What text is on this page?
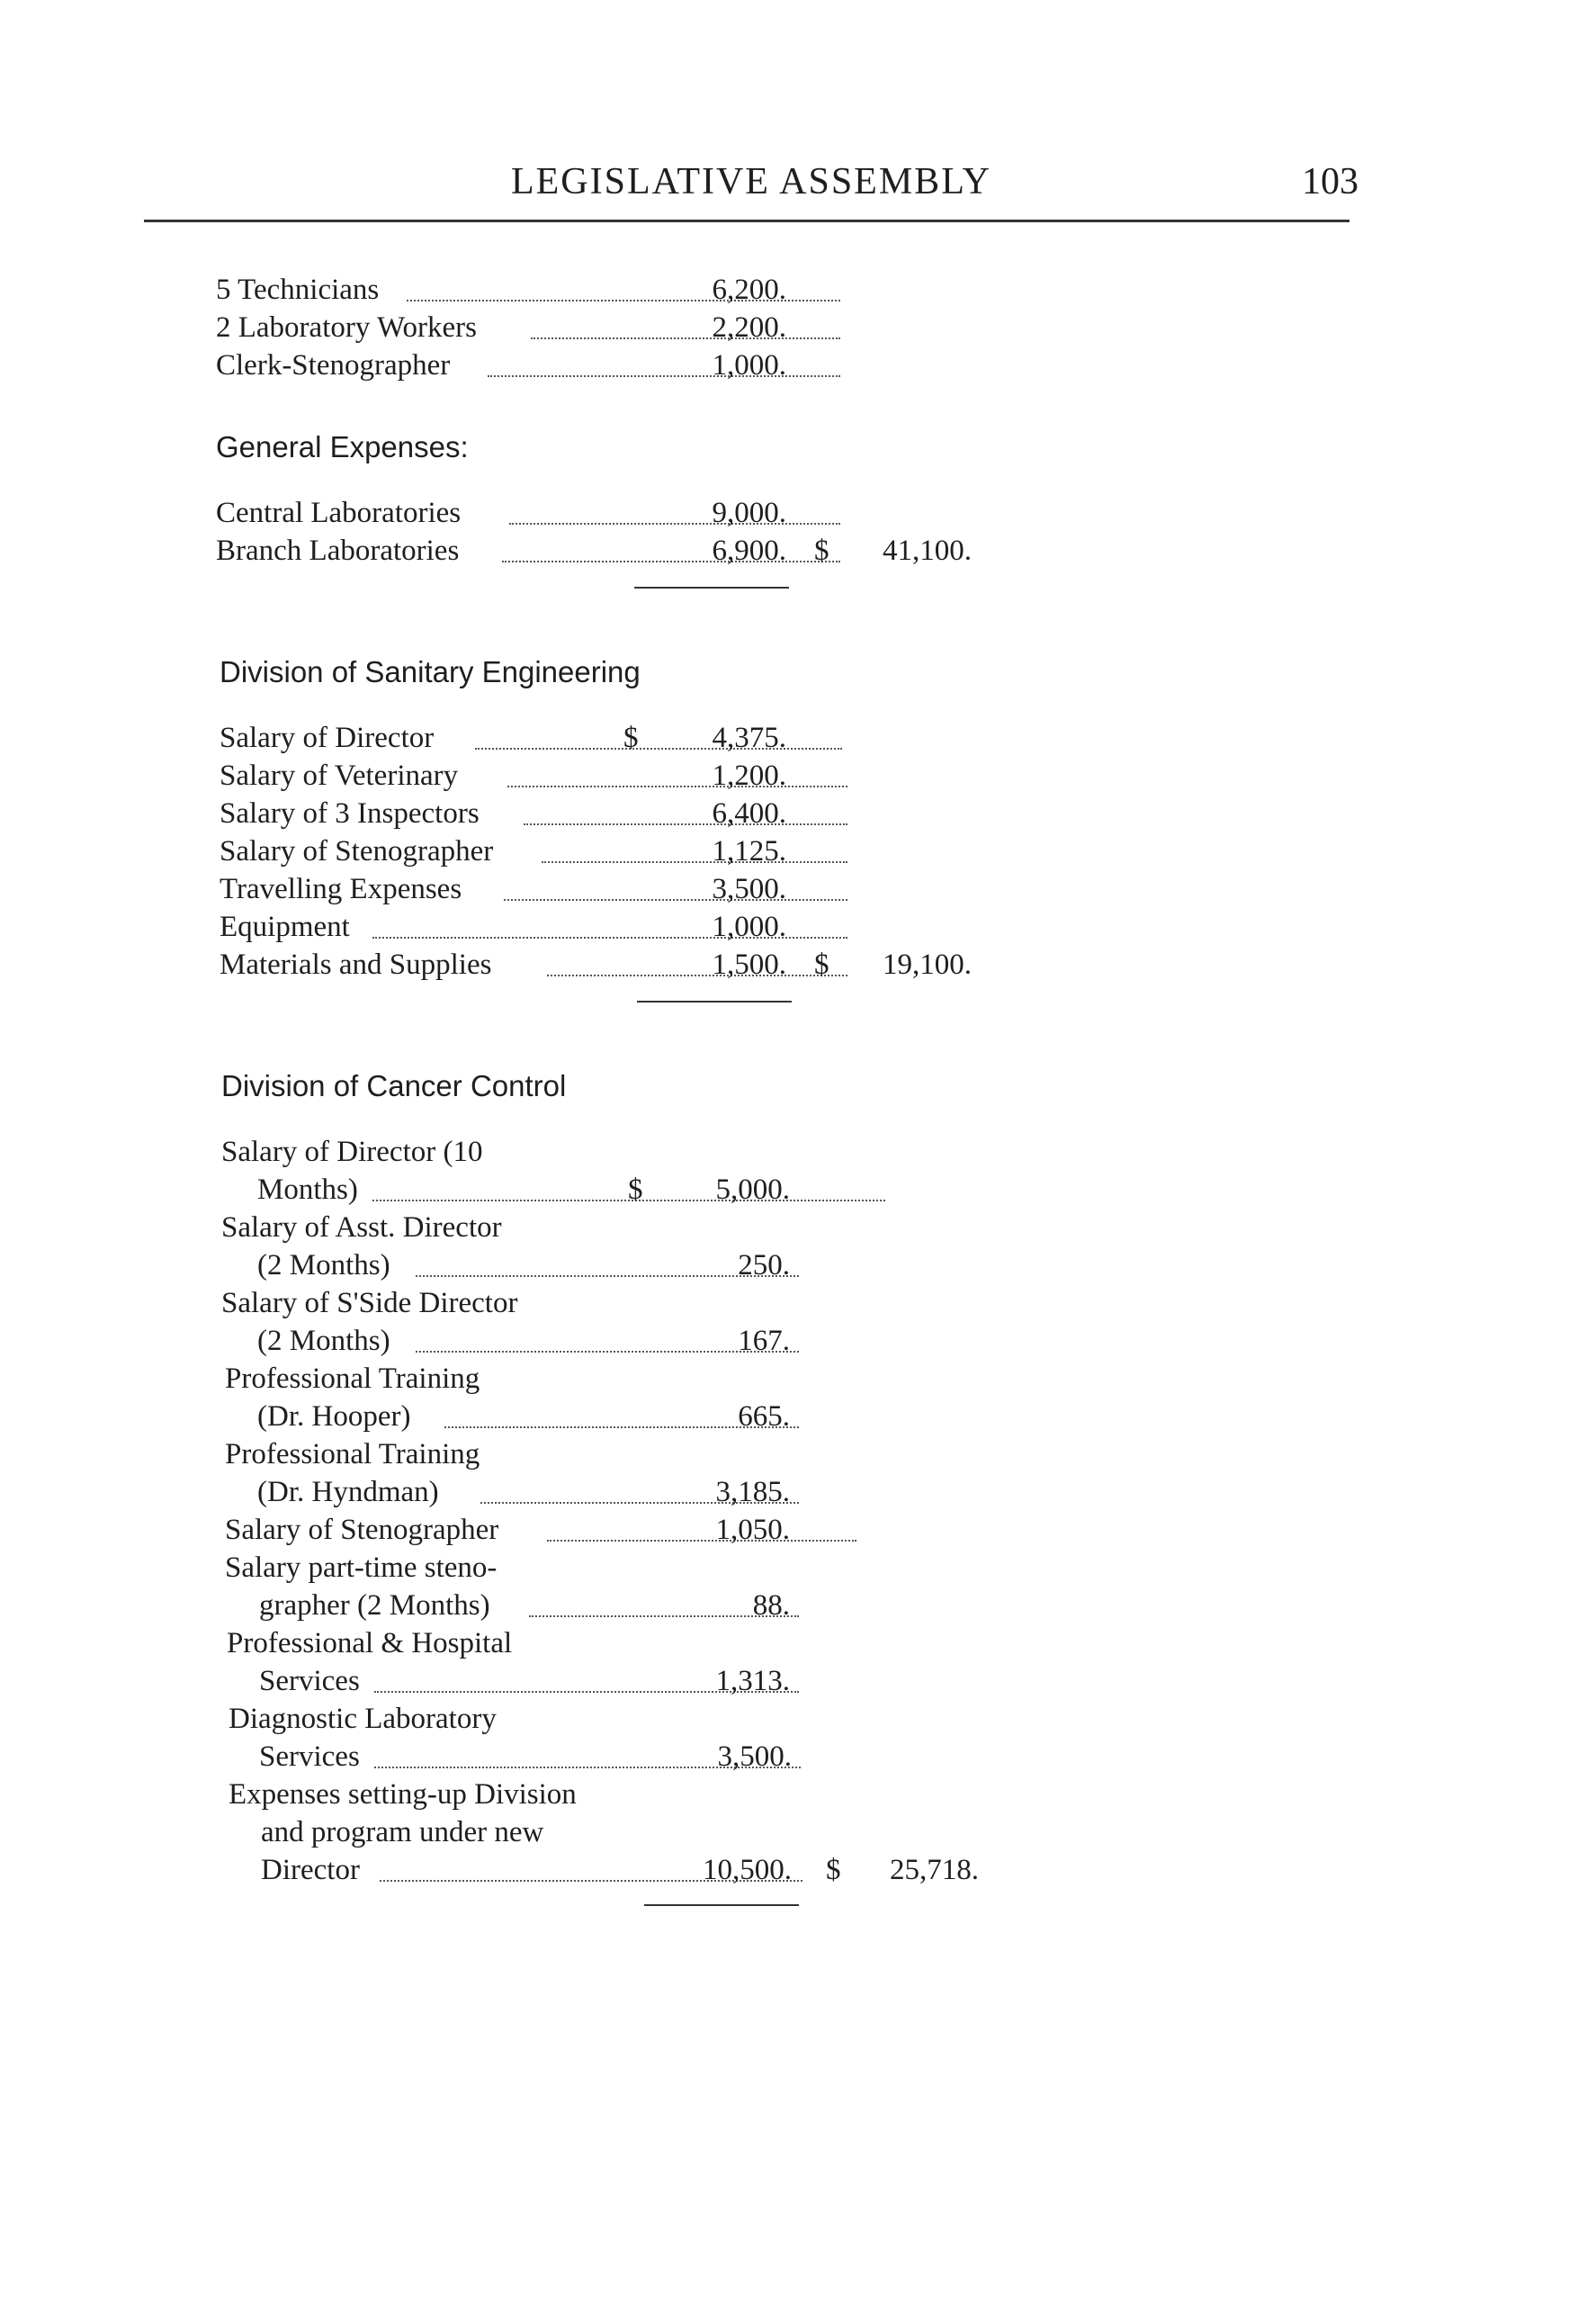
LEGISLATIVE ASSEMBLY	103
5 Technicians	6,200.
2 Laboratory Workers	2,200.
Clerk-Stenographer	1,000.
General Expenses:
Central Laboratories	9,000.
Branch Laboratories	6,900. $ 41,100.
Division of Sanitary Engineering
Salary of Director	$ 4,375.
Salary of Veterinary	1,200.
Salary of 3 Inspectors	6,400.
Salary of Stenographer	1,125.
Travelling Expenses	3,500.
Equipment	1,000.
Materials and Supplies	1,500. $ 19,100.
Division of Cancer Control
Salary of Director (10
Months)	$ 5,000.
Salary of Asst. Director
(2 Months)	250.
Salary of S'Side Director
(2 Months)	167.
Professional Training
(Dr. Hooper)	665.
Professional Training
(Dr. Hyndman)	3,185.
Salary of Stenographer	1,050.
Salary part-time steno-
grapher (2 Months)	88.
Professional & Hospital
Services	1,313.
Diagnostic Laboratory
Services	3,500.
Expenses setting-up Division
and program under new
Director	10,500. $ 25,718.
